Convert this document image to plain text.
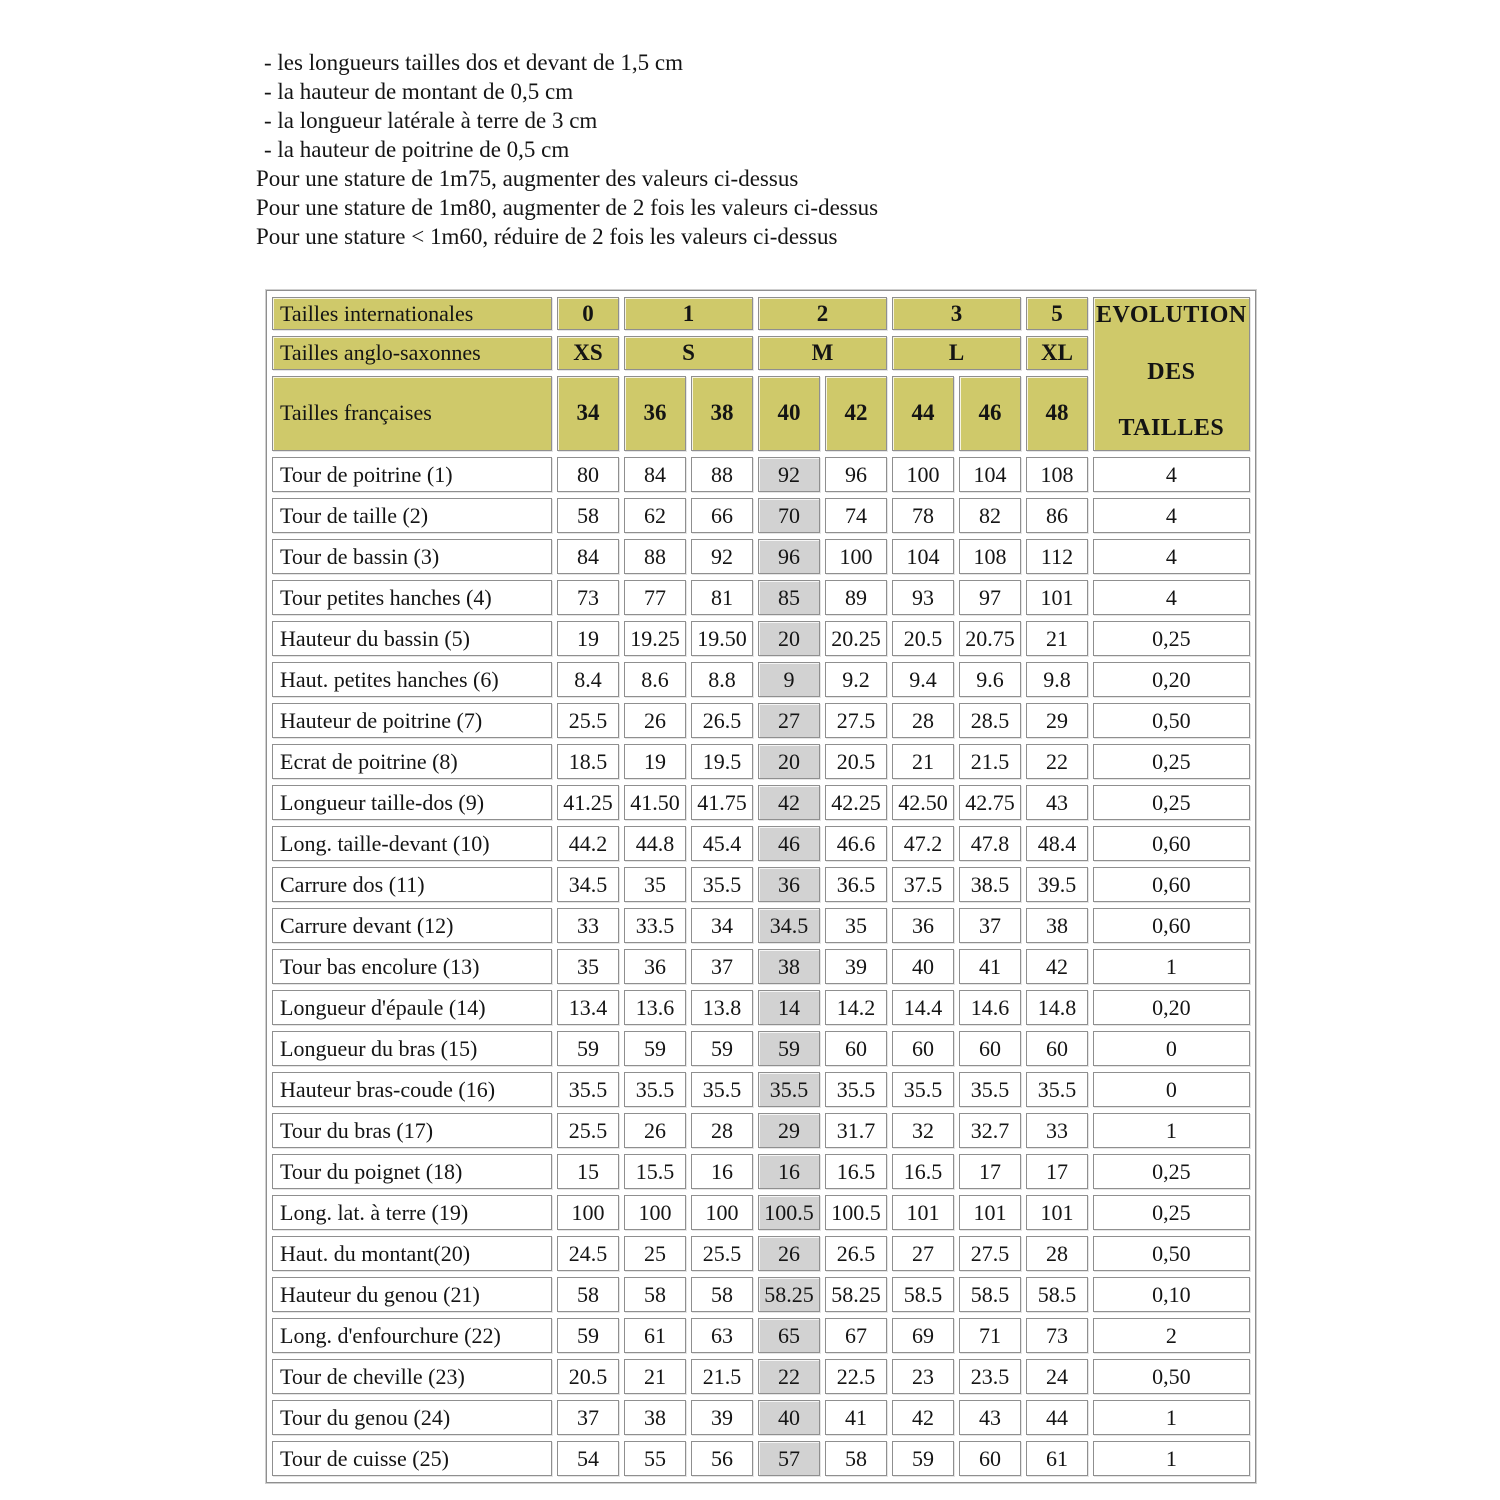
- les longueurs tailles dos et devant de 1,5 cm
- la hauteur de montant de 0,5 cm
- la longueur latérale à terre de 3 cm
- la hauteur de poitrine de 0,5 cm
Pour une stature de 1m75, augmenter des valeurs ci-dessus
Pour une stature de 1m80, augmenter de 2 fois les valeurs ci-dessus
Pour une stature < 1m60, réduire de 2 fois les valeurs ci-dessus
Tailles internationales	0	1		2		3		5	EVOLUTION
DES
TAILLES

Tailles anglo-saxonnes	XS	S		M		L		XL	
Tailles françaises	34	36	38	40	42	44	46	48	
Tour de poitrine (1)	80	84	88	92	96	100	104	108	4
Tour de taille (2)	58	62	66	70	74	78	82	86	4
Tour de bassin (3)	84	88	92	96	100	104	108	112	4
Tour petites hanches (4)	73	77	81	85	89	93	97	101	4
Hauteur du bassin (5)	19	19.25	19.50	20	20.25	20.5	20.75	21	0,25
Haut. petites hanches (6)	8.4	8.6	8.8	9	9.2	9.4	9.6	9.8	0,20
Hauteur de poitrine (7)	25.5	26	26.5	27	27.5	28	28.5	29	0,50
Ecrat de poitrine (8)	18.5	19	19.5	20	20.5	21	21.5	22	0,25
Longueur taille-dos (9)	41.25	41.50	41.75	42	42.25	42.50	42.75	43	0,25
Long. taille-devant (10)	44.2	44.8	45.4	46	46.6	47.2	47.8	48.4	0,60
Carrure dos (11)	34.5	35	35.5	36	36.5	37.5	38.5	39.5	0,60
Carrure devant (12)	33	33.5	34	34.5	35	36	37	38	0,60
Tour bas encolure (13)	35	36	37	38	39	40	41	42	1
Longueur d'épaule (14)	13.4	13.6	13.8	14	14.2	14.4	14.6	14.8	0,20
Longueur du bras (15)	59	59	59	59	60	60	60	60	0
Hauteur bras-coude (16)	35.5	35.5	35.5	35.5	35.5	35.5	35.5	35.5	0
Tour du bras (17)	25.5	26	28	29	31.7	32	32.7	33	1
Tour du poignet (18)	15	15.5	16	16	16.5	16.5	17	17	0,25
Long. lat. à terre (19)	100	100	100	100.5	100.5	101	101	101	0,25
Haut. du montant(20)	24.5	25	25.5	26	26.5	27	27.5	28	0,50
Hauteur du genou (21)	58	58	58	58.25	58.25	58.5	58.5	58.5	0,10
Long. d'enfourchure (22)	59	61	63	65	67	69	71	73	2
Tour de cheville (23)	20.5	21	21.5	22	22.5	23	23.5	24	0,50
Tour du genou (24)	37	38	39	40	41	42	43	44	1
Tour de cuisse (25)	54	55	56	57	58	59	60	61	1
